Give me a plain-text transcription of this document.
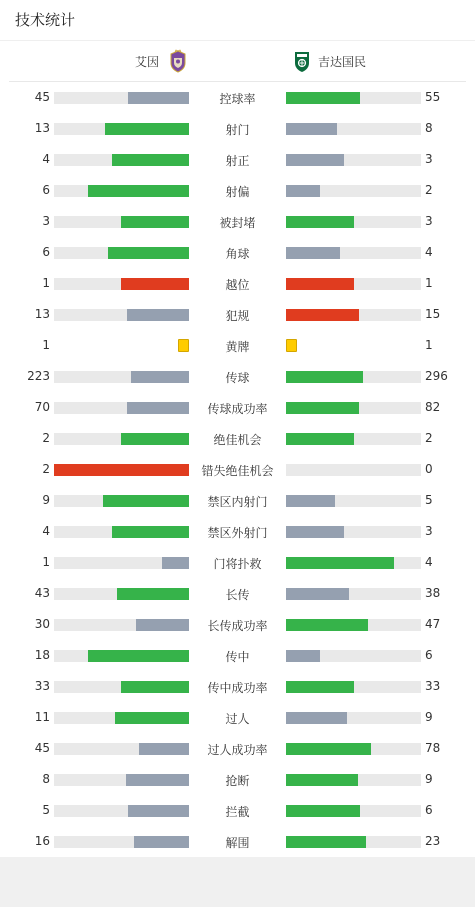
技术统计
艾因	吉达国民
45	控球率	55
13	射门	8
4	射正	3
6	射偏	2
3	被封堵	3
6	角球	4
1	越位	1
13	犯规	15
1	黄牌	1
223	传球	296
70	传球成功率	82
2	绝佳机会	2
2	错失绝佳机会	0
9	禁区内射门	5
4	禁区外射门	3
1	门将扑救	4
43	长传	38
30	长传成功率	47
18	传中	6
33	传中成功率	33
11	过人	9
45	过人成功率	78
8	抢断	9
5	拦截	6
16	解围	23
